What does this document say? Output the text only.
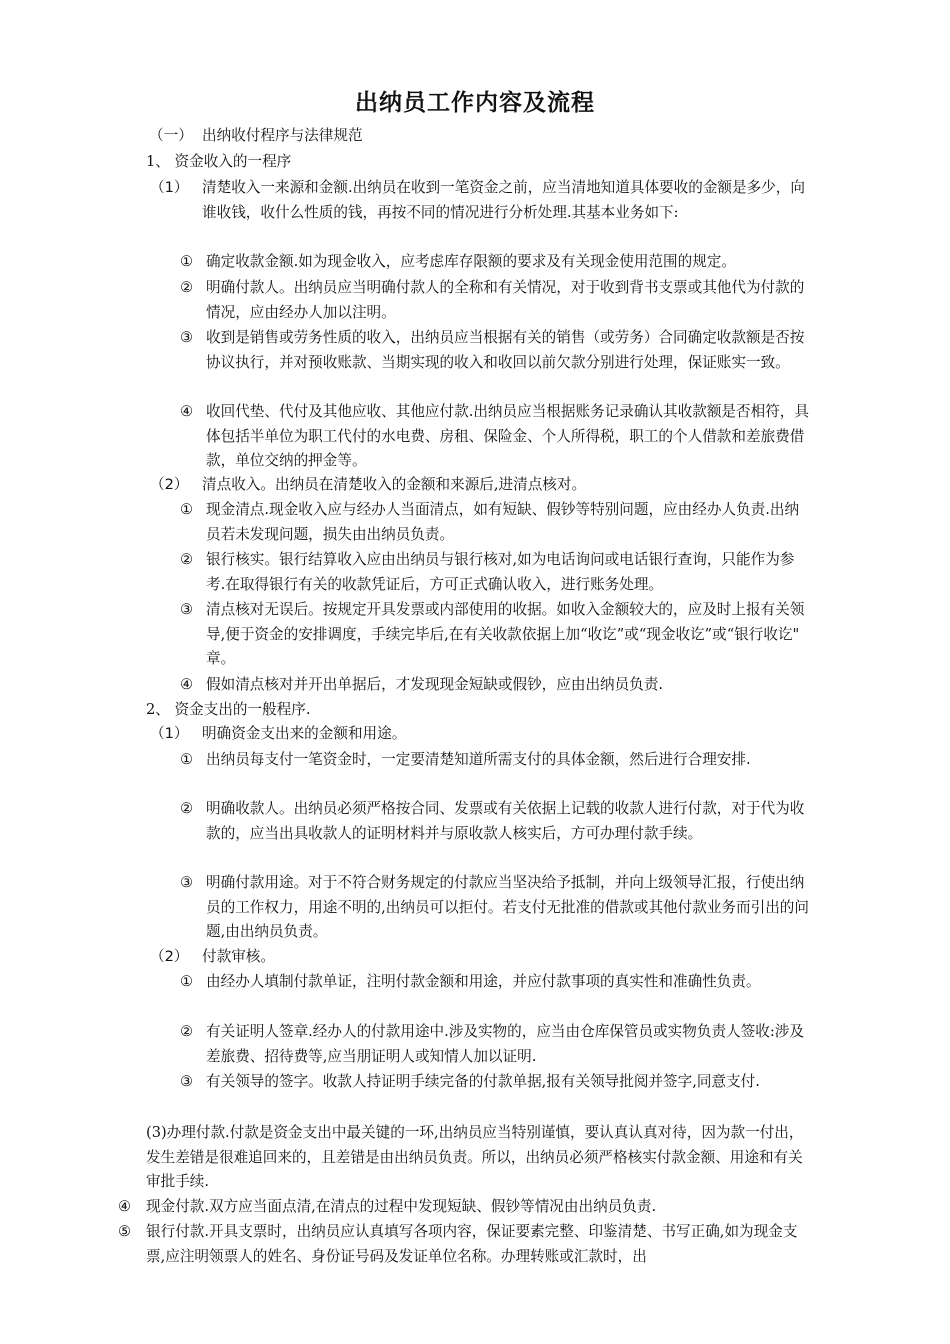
出纳员工作内容及流程
（一） 出纳收付程序与法律规范
1、 资金收入的一程序
（1） 清楚收入一来源和金额.出纳员在收到一笔资金之前，应当清地知道具体要收的金额是多少，向谁收钱，收什么性质的钱，再按不同的情况进行分析处理.其基本业务如下:
① 确定收款金额.如为现金收入，应考虑库存限额的要求及有关现金使用范围的规定。
② 明确付款人。出纳员应当明确付款人的全称和有关情况，对于收到背书支票或其他代为付款的情况，应由经办人加以注明。
③ 收到是销售或劳务性质的收入，出纳员应当根据有关的销售（或劳务）合同确定收款额是否按协议执行，并对预收账款、当期实现的收入和收回以前欠款分别进行处理，保证账实一致。
④ 收回代垫、代付及其他应收、其他应付款.出纳员应当根据账务记录确认其收款额是否相符，具体包括半单位为职工代付的水电费、房租、保险金、个人所得税，职工的个人借款和差旅费借款，单位交纳的押金等。
（2） 清点收入。出纳员在清楚收入的金额和来源后,进清点核对。
① 现金清点.现金收入应与经办人当面清点，如有短缺、假钞等特别问题，应由经办人负责.出纳员若未发现问题，损失由出纳员负责。
② 银行核实。银行结算收入应由出纳员与银行核对,如为电话询问或电话银行查询，只能作为参考.在取得银行有关的收款凭证后，方可正式确认收入，进行账务处理。
③ 清点核对无误后。按规定开具发票或内部使用的收据。如收入金额较大的，应及时上报有关领导,便于资金的安排调度，手续完毕后,在有关收款依据上加“收讫”或“现金收讫”或“银行收讫" 章。
④ 假如清点核对并开出单据后，才发现现金短缺或假钞，应由出纳员负责.
2、 资金支出的一般程序.
（1） 明确资金支出来的金额和用途。
① 出纳员每支付一笔资金时，一定要清楚知道所需支付的具体金额，然后进行合理安排.
② 明确收款人。出纳员必须严格按合同、发票或有关依据上记载的收款人进行付款，对于代为收款的，应当出具收款人的证明材料并与原收款人核实后，方可办理付款手续。
③ 明确付款用途。对于不符合财务规定的付款应当坚决给予抵制，并向上级领导汇报，行使出纳员的工作权力，用途不明的,出纳员可以拒付。若支付无批准的借款或其他付款业务而引出的问题,由出纳员负责。
（2） 付款审核。
① 由经办人填制付款单证，注明付款金额和用途，并应付款事项的真实性和准确性负责。
② 有关证明人签章.经办人的付款用途中.涉及实物的，应当由仓库保管员或实物负责人签收:涉及差旅费、招待费等,应当朋证明人或知情人加以证明.
③ 有关领导的签字。收款人持证明手续完备的付款单据,报有关领导批阅并签字,同意支付.
(3)办理付款.付款是资金支出中最关键的一环,出纳员应当特别谨慎，要认真认真对待，因为款一付出，发生差错是很难追回来的，且差错是由出纳员负责。所以，出纳员必须严格核实付款金额、用途和有关审批手续.
④ 现金付款.双方应当面点清,在清点的过程中发现短缺、假钞等情况由出纳员负责.
⑤ 银行付款.开具支票时，出纳员应认真填写各项内容，保证要素完整、印鉴清楚、书写正确,如为现金支票,应注明领票人的姓名、身份证号码及发证单位名称。办理转账或汇款时，出
